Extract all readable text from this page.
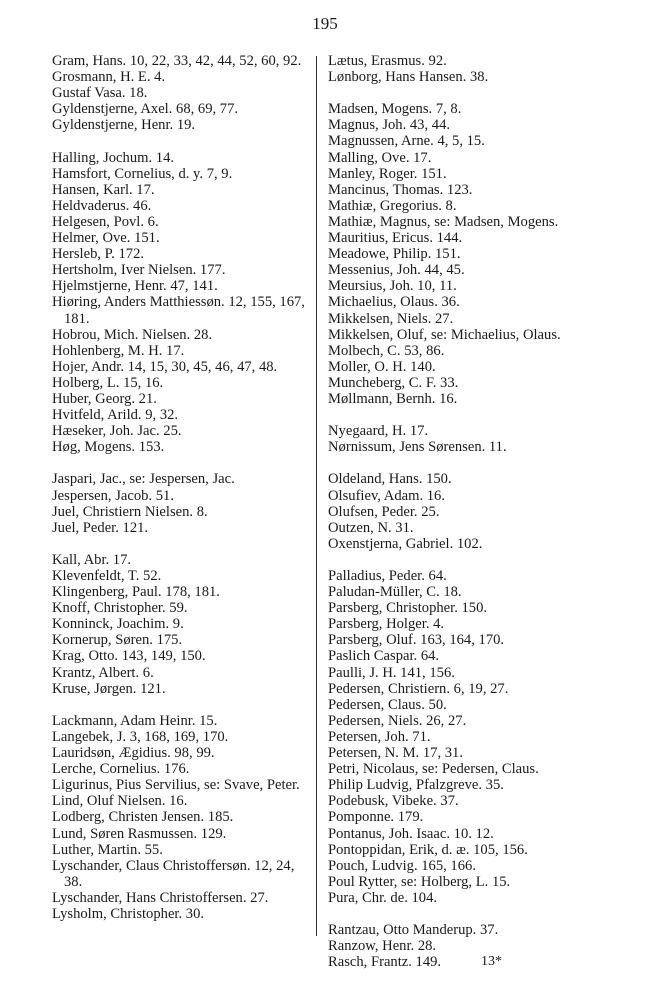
195

Gram, Hans. 10, 22, 33, 42, 44, 52, 60, 92.

Grosmann, H. E. 4.

Gustaf Vasa. 18.

Gyldenstjerne, Axel. 68, 69, 77.

Gyldenstjerne, Henr. 19.

Halling, Jochum. 14.

Hamsfort, Cornelius, d. y. 7, 9.

Hansen, Karl. 17.

Heldvaderus. 46.

Helgesen, Povl. 6.

Helmer, Ove. 151.

Hersleb, P. 172.

Hertsholm, Iver Nielsen. 177.

Hjelmstjerne, Henr. 47, 141.

Hiøring, Anders Matthiessøn. 12, 155, 167, 181.

Hobrou, Mich. Nielsen. 28.

Hohlenberg, M. H. 17.

Hojer, Andr. 14, 15, 30, 45, 46, 47, 48.

Holberg, L. 15, 16.

Huber, Georg. 21.

Hvitfeld, Arild. 9, 32.

Hæseker, Joh. Jac. 25.

Høg, Mogens. 153.

Jaspari, Jac., se: Jespersen, Jac.

Jespersen, Jacob. 51.

Juel, Christiern Nielsen. 8.

Juel, Peder. 121.

Kall, Abr. 17.

Klevenfeldt, T. 52.

Klingenberg, Paul. 178, 181.

Knoff, Christopher. 59.

Konninck, Joachim. 9.

Kornerup, Søren. 175.

Krag, Otto. 143, 149, 150.

Krantz, Albert. 6.

Kruse, Jørgen. 121.

Lackmann, Adam Heinr. 15.

Langebek, J. 3, 168, 169, 170.

Lauridsøn, Ægidius. 98, 99.

Lerche, Cornelius. 176.

Ligurinus, Pius Servilius, se: Svave, Peter.

Lind, Oluf Nielsen. 16.

Lodberg, Christen Jensen. 185.

Lund, Søren Rasmussen. 129.

Luther, Martin. 55.

Lyschander, Claus Christoffersøn. 12, 24, 38.

Lyschander, Hans Christoffersen. 27.

Lysholm, Christopher. 30.

Lætus, Erasmus. 92.

Lønborg, Hans Hansen. 38.

Madsen, Mogens. 7, 8.

Magnus, Joh. 43, 44.

Magnussen, Arne. 4, 5, 15.

Malling, Ove. 17.

Manley, Roger. 151.

Mancinus, Thomas. 123.

Mathiæ, Gregorius. 8.

Mathiæ, Magnus, se: Madsen, Mogens.

Mauritius, Ericus. 144.

Meadowe, Philip. 151.

Messenius, Joh. 44, 45.

Meursius, Joh. 10, 11.

Michaelius, Olaus. 36.

Mikkelsen, Niels. 27.

Mikkelsen, Oluf, se: Michaelius, Olaus.

Molbech, C. 53, 86.

Moller, O. H. 140.

Muncheberg, C. F. 33.

Møllmann, Bernh. 16.

Nyegaard, H. 17.

Nørnissum, Jens Sørensen. 11.

Oldeland, Hans. 150.

Olsufiev, Adam. 16.

Olufsen, Peder. 25.

Outzen, N. 31.

Oxenstjerna, Gabriel. 102.

Palladius, Peder. 64.

Paludan-Müller, C. 18.

Parsberg, Christopher. 150.

Parsberg, Holger. 4.

Parsberg, Oluf. 163, 164, 170.

Paslich Caspar. 64.

Paulli, J. H. 141, 156.

Pedersen, Christiern. 6, 19, 27.

Pedersen, Claus. 50.

Pedersen, Niels. 26, 27.

Petersen, Joh. 71.

Petersen, N. M. 17, 31.

Petri, Nicolaus, se: Pedersen, Claus.

Philip Ludvig, Pfalzgreve. 35.

Podebusk, Vibeke. 37.

Pomponne. 179.

Pontanus, Joh. Isaac. 10. 12.

Pontoppidan, Erik, d. æ. 105, 156.

Pouch, Ludvig. 165, 166.

Poul Rytter, se: Holberg, L. 15.

Pura, Chr. de. 104.

Rantzau, Otto Manderup. 37.

Ranzow, Henr. 28.

Rasch, Frantz. 149.	13*
